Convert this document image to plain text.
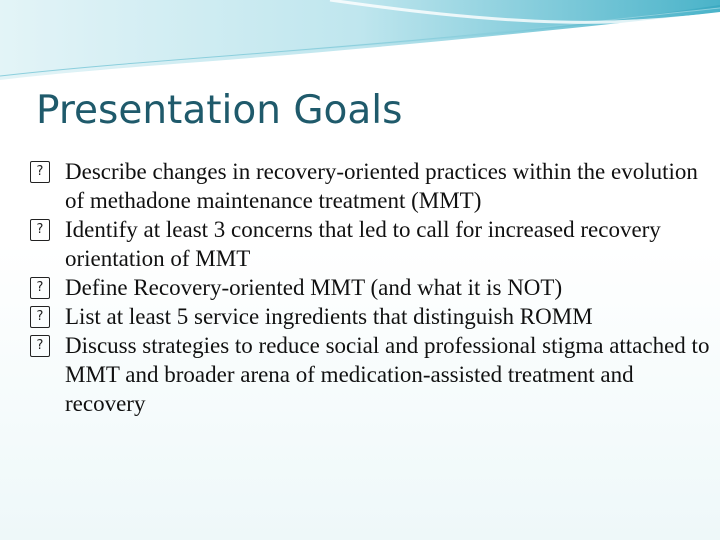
Presentation Goals
? Describe changes in recovery-oriented practices within the evolution of methadone maintenance treatment (MMT)
? Identify at least 3 concerns that led to call for increased recovery orientation of MMT
? Define Recovery-oriented MMT (and what it is NOT)
? List at least 5 service ingredients that distinguish ROMM
? Discuss strategies to reduce social and professional stigma attached to MMT and broader arena of medication-assisted treatment and recovery
